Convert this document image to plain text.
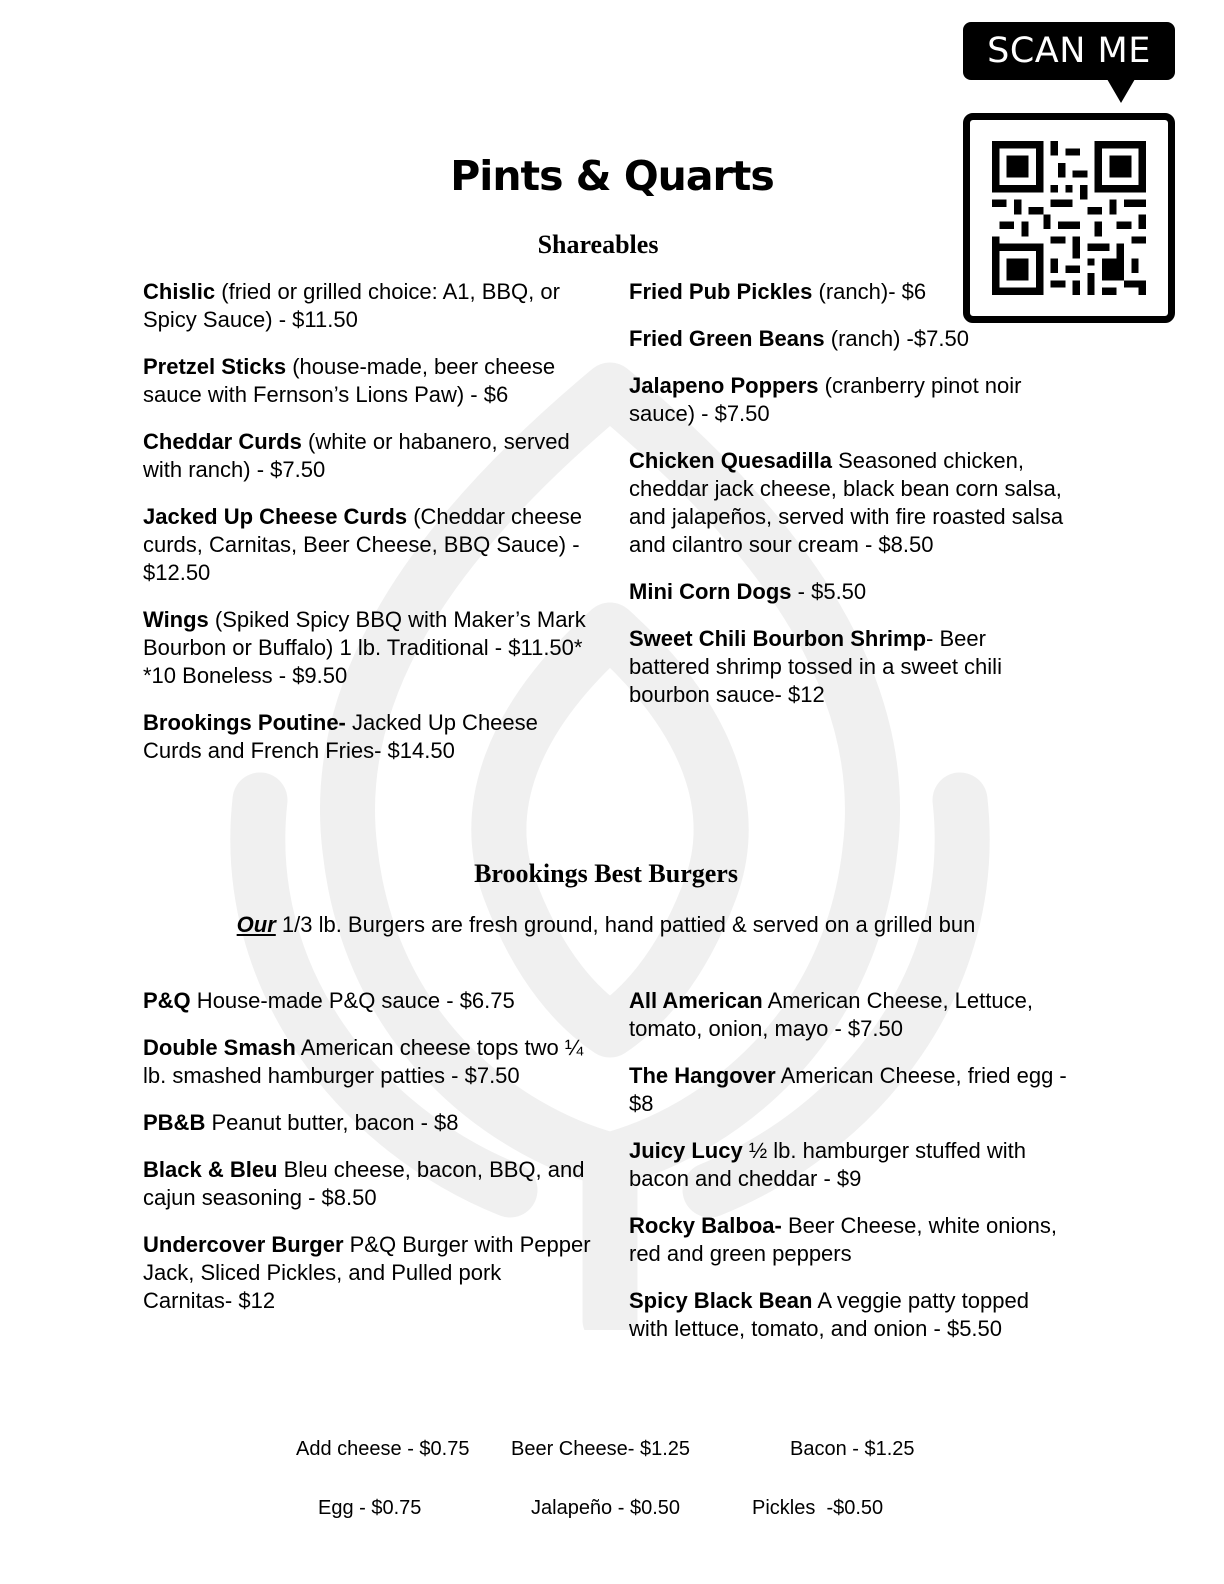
SCAN ME
Pints & Quarts
Shareables

Chislic (fried or grilled choice: A1, BBQ, or Spicy Sauce) - $11.50

Pretzel Sticks (house-made, beer cheese sauce with Fernson’s Lions Paw) - $6

Cheddar Curds (white or habanero, served with ranch) - $7.50

Jacked Up Cheese Curds (Cheddar cheese curds, Carnitas, Beer Cheese, BBQ Sauce) - $12.50

Wings (Spiked Spicy BBQ with Maker’s Mark Bourbon or Buffalo) 1 lb. Traditional - $11.50* *10 Boneless - $9.50

Brookings Poutine- Jacked Up Cheese Curds and French Fries- $14.50

Fried Pub Pickles (ranch)- $6

Fried Green Beans (ranch) -$7.50

Jalapeno Poppers (cranberry pinot noir sauce) - $7.50

Chicken Quesadilla Seasoned chicken, cheddar jack cheese, black bean corn salsa, and jalapeños, served with fire roasted salsa and cilantro sour cream - $8.50

Mini Corn Dogs - $5.50

Sweet Chili Bourbon Shrimp- Beer battered shrimp tossed in a sweet chili bourbon sauce- $12

Brookings Best Burgers

Our 1/3 lb. Burgers are fresh ground, hand pattied & served on a grilled bun

P&Q House-made P&Q sauce - $6.75

Double Smash American cheese tops two ¼ lb. smashed hamburger patties - $7.50

PB&B Peanut butter, bacon - $8

Black & Bleu Bleu cheese, bacon, BBQ, and cajun seasoning - $8.50

Undercover Burger P&Q Burger with Pepper Jack, Sliced Pickles, and Pulled pork Carnitas- $12

All American American Cheese, Lettuce, tomato, onion, mayo - $7.50

The Hangover American Cheese, fried egg - $8

Juicy Lucy ½ lb. hamburger stuffed with bacon and cheddar - $9

Rocky Balboa- Beer Cheese, white onions, red and green peppers

Spicy Black Bean A veggie patty topped with lettuce, tomato, and onion - $5.50

Add cheese - $0.75 Beer Cheese- $1.25	Bacon - $1.25
Egg - $0.75	Jalapeño - $0.50	Pickles  -$0.50
